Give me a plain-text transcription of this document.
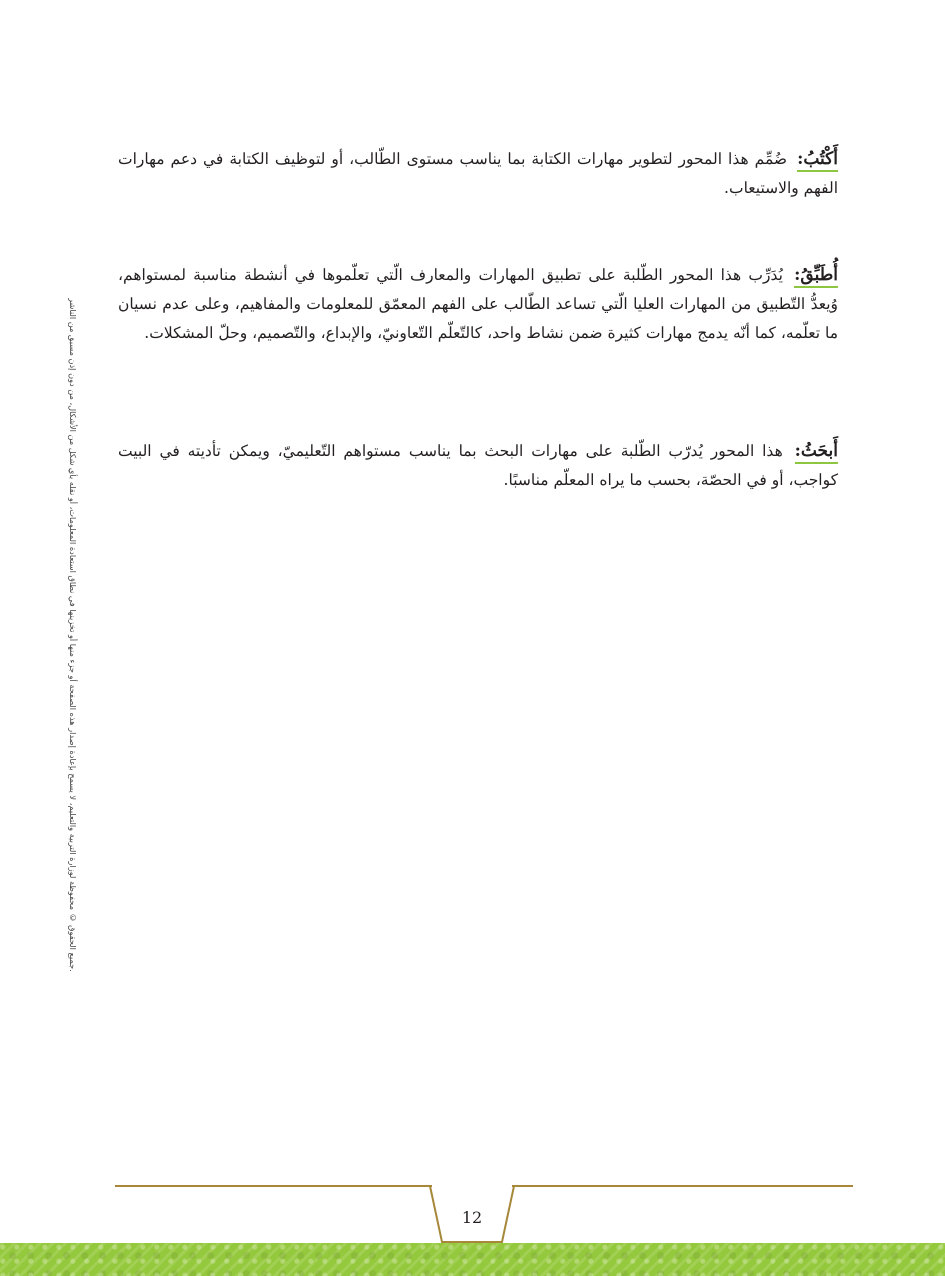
جميع الحقوق © محفوظة لوزارة التربية والتعليم، لا يسمح بإعادة إصدار هذه الصفحة أو جزء منها أو تخزينها في نطاق استعادة المعلومات، أو نقله بأي شكل من الأشكال، من دون إذن مسبق من الناشر.

أَكْتُبُ: ضُمِّم هذا المحور لتطوير مهارات الكتابة بما يناسب مستوى الطّالب، أو لتوظيف الكتابة في دعم مهارات الفهم والاستيعاب.

أُطَبِّقُ: يُدَرِّب هذا المحور الطّلبة على تطبيق المهارات والمعارف الّتي تعلّموها في أنشطة مناسبة لمستواهم، وُيعدُّ التّطبيق من المهارات العليا الّتي تساعد الطّالب على الفهم المعمّق للمعلومات والمفاهيم، وعلى عدم نسيان ما تعلّمه، كما أنّه يدمج مهارات كثيرة ضمن نشاط واحد، كالتّعلّم التّعاونيّ، والإبداع، والتّصميم، وحلّ المشكلات.

أَبحَثُ: هذا المحور يُدرّب الطّلبة على مهارات البحث بما يناسب مستواهم التّعليميّ، ويمكن تأديته في البيت كواجب، أو في الحصّة، بحسب ما يراه المعلّم مناسبًا.

12
